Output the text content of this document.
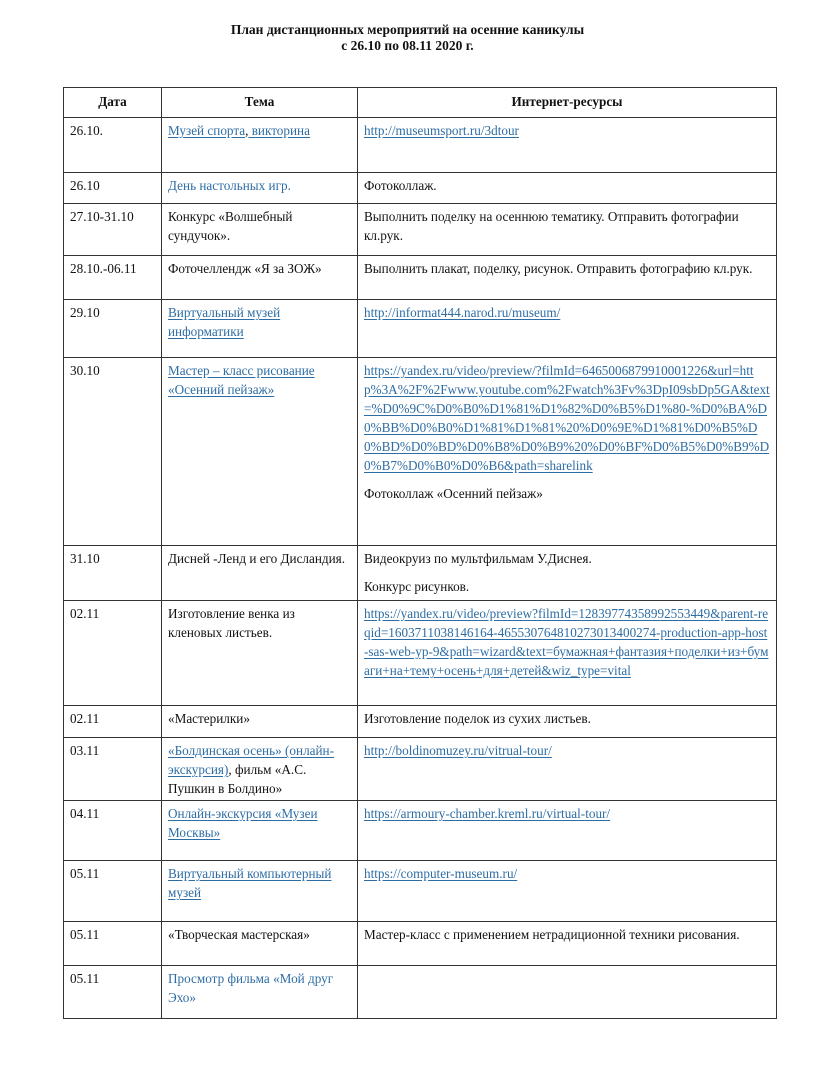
План дистанционных мероприятий на осенние каникулы
с 26.10 по 08.11 2020 г.
Дата	Тема	Интернет-ресурсы
26.10.	Музей спорта, викторина	http://museumsport.ru/3dtour
26.10	День настольных игр.	Фотоколлаж.
27.10-31.10	Конкурс «Волшебный сундучок».	Выполнить поделку на осеннюю тематику. Отправить фотографии кл.рук.
28.10.-06.11	Фоточеллендж «Я за ЗОЖ»	Выполнить плакат, поделку, рисунок. Отправить фотографию кл.рук.
29.10	Виртуальный музей информатики	http://informat444.narod.ru/museum/
30.10	Мастер – класс рисование «Осенний пейзаж»	https://yandex.ru/video/preview/?filmId=6465006879910001226&url=http%3A%2F%2Fwww.youtube.com%2Fwatch%3Fv%3DpI09sbDp5GA&text=%D0%9C%D0%B0%D1%81%D1%82%D0%B5%D1%80-%D0%BA%D0%BB%D0%B0%D1%81%D1%81%20%D0%9E%D1%81%D0%B5%D0%BD%D0%BD%D0%B8%D0%B9%20%D0%BF%D0%B5%D0%B9%D0%B7%D0%B0%D0%B6&path=sharelink
Фотоколлаж «Осенний пейзаж»

31.10	Дисней -Ленд и его Дисландия.	Видеокруиз по мультфильмам У.Диснея.
Конкурс рисунков.

02.11	Изготовление венка из кленовых листьев.	https://yandex.ru/video/preview?filmId=12839774358992553449&parent-reqid=1603711038146164-465530764810273013400274-production-app-host-sas-web-yp-9&path=wizard&text=бумажная+фантазия+поделки+из+бумаги+на+тему+осень+для+детей&wiz_type=vital
02.11	«Мастерилки»	Изготовление поделок из сухих листьев.
03.11	«Болдинская осень» (онлайн-экскурсия), фильм «А.С. Пушкин в Болдино»	http://boldinomuzey.ru/vitrual-tour/
04.11	Онлайн-экскурсия «Музеи Москвы»	https://armoury-chamber.kreml.ru/virtual-tour/
05.11	Виртуальный компьютерный музей	https://computer-museum.ru/
05.11	«Творческая мастерская»	Мастер-класс с применением нетрадиционной техники рисования.
05.11	Просмотр фильма «Мой друг Эхо»	
